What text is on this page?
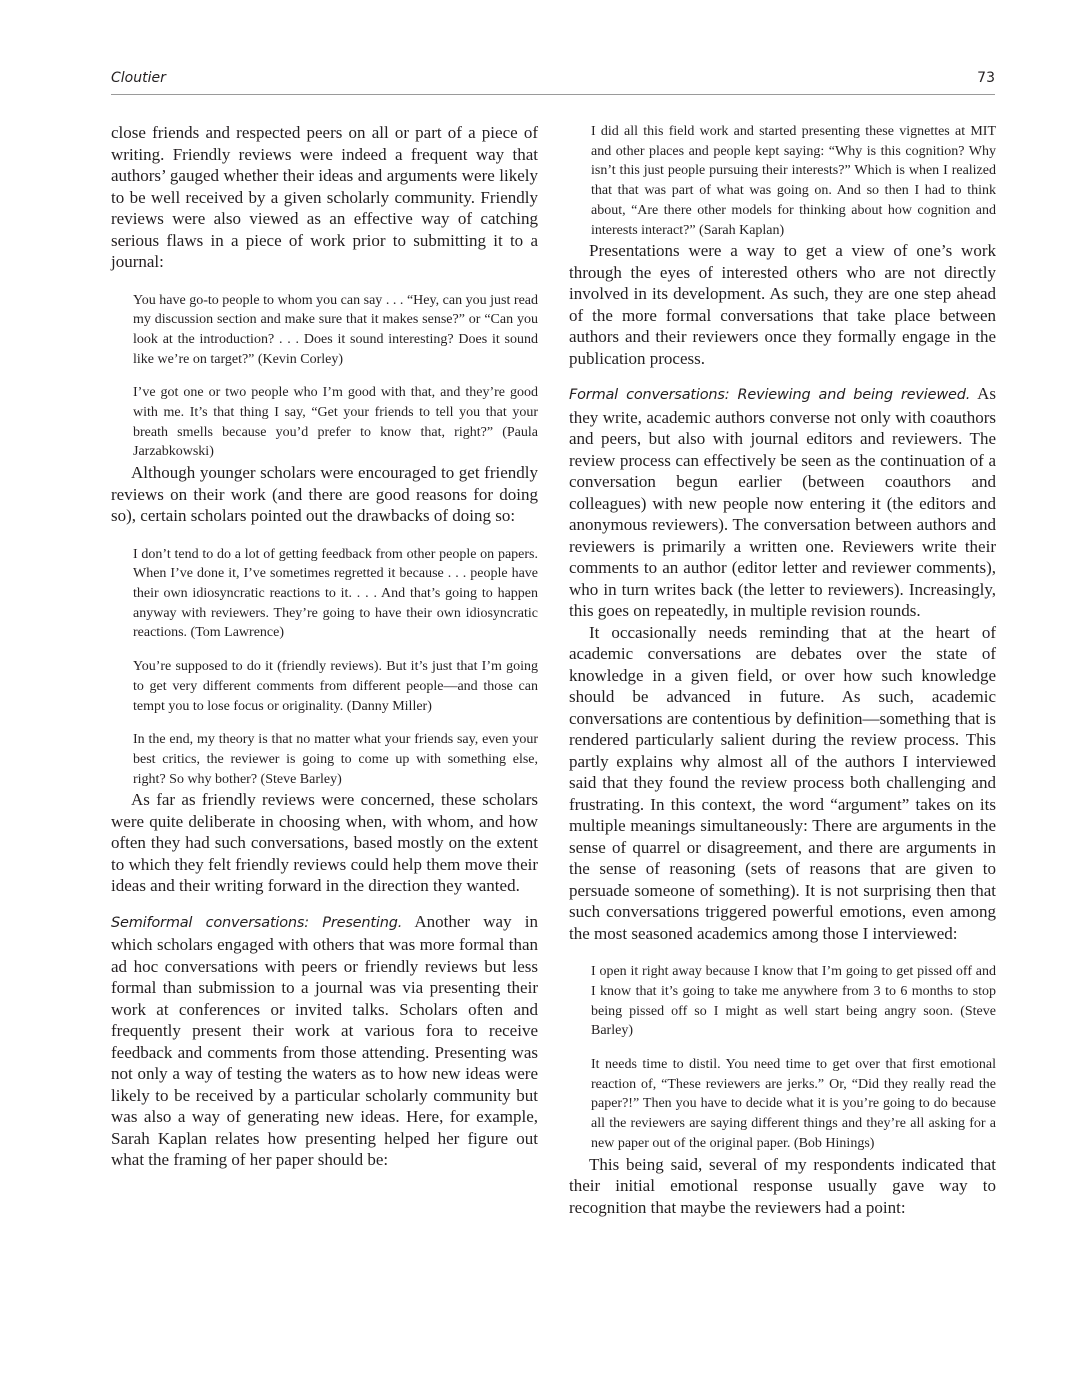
Cloutier	73

close friends and respected peers on all or part of a piece of writing. Friendly reviews were indeed a frequent way that authors’ gauged whether their ideas and arguments were likely to be well received by a given scholarly community. Friendly reviews were also viewed as an effective way of catching serious flaws in a piece of work prior to submitting it to a journal:

You have go-to people to whom you can say . . . “Hey, can you just read my discussion section and make sure that it makes sense?” or “Can you look at the introduction? . . . Does it sound interesting? Does it sound like we’re on target?” (Kevin Corley)

I’ve got one or two people who I’m good with that, and they’re good with me. It’s that thing I say, “Get your friends to tell you that your breath smells because you’d prefer to know that, right?” (Paula Jarzabkowski)

Although younger scholars were encouraged to get friendly reviews on their work (and there are good reasons for doing so), certain scholars pointed out the drawbacks of doing so:

I don’t tend to do a lot of getting feedback from other people on papers. When I’ve done it, I’ve sometimes regretted it because . . . people have their own idiosyncratic reactions to it. . . . And that’s going to happen anyway with reviewers. They’re going to have their own idiosyncratic reactions. (Tom Lawrence)

You’re supposed to do it (friendly reviews). But it’s just that I’m going to get very different comments from different people—and those can tempt you to lose focus or originality. (Danny Miller)

In the end, my theory is that no matter what your friends say, even your best critics, the reviewer is going to come up with something else, right? So why bother? (Steve Barley)

As far as friendly reviews were concerned, these scholars were quite deliberate in choosing when, with whom, and how often they had such conversations, based mostly on the extent to which they felt friendly reviews could help them move their ideas and their writing forward in the direction they wanted.

Semiformal conversations: Presenting. Another way in which scholars engaged with others that was more formal than ad hoc conversations with peers or friendly reviews but less formal than submission to a journal was via presenting their work at conferences or invited talks. Scholars often and frequently present their work at various fora to receive feedback and comments from those attending. Presenting was not only a way of testing the waters as to how new ideas were likely to be received by a particular scholarly community but was also a way of generating new ideas. Here, for example, Sarah Kaplan relates how presenting helped her figure out what the framing of her paper should be:

I did all this field work and started presenting these vignettes at MIT and other places and people kept saying: “Why is this cognition? Why isn’t this just people pursuing their interests?” Which is when I realized that that was part of what was going on. And so then I had to think about, “Are there other models for thinking about how cognition and interests interact?” (Sarah Kaplan)

Presentations were a way to get a view of one’s work through the eyes of interested others who are not directly involved in its development. As such, they are one step ahead of the more formal conversations that take place between authors and their reviewers once they formally engage in the publication process.

Formal conversations: Reviewing and being reviewed. As they write, academic authors converse not only with coauthors and peers, but also with journal editors and reviewers. The review process can effectively be seen as the continuation of a conversation begun earlier (between coauthors and colleagues) with new people now entering it (the editors and anonymous reviewers). The conversation between authors and reviewers is primarily a written one. Reviewers write their comments to an author (editor letter and reviewer comments), who in turn writes back (the letter to reviewers). Increasingly, this goes on repeatedly, in multiple revision rounds.

It occasionally needs reminding that at the heart of academic conversations are debates over the state of knowledge in a given field, or over how such knowledge should be advanced in future. As such, academic conversations are contentious by definition—something that is rendered particularly salient during the review process. This partly explains why almost all of the authors I interviewed said that they found the review process both challenging and frustrating. In this context, the word “argument” takes on its multiple meanings simultaneously: There are arguments in the sense of quarrel or disagreement, and there are arguments in the sense of reasoning (sets of reasons that are given to persuade someone of something). It is not surprising then that such conversations triggered powerful emotions, even among the most seasoned academics among those I interviewed:

I open it right away because I know that I’m going to get pissed off and I know that it’s going to take me anywhere from 3 to 6 months to stop being pissed off so I might as well start being angry soon. (Steve Barley)

It needs time to distil. You need time to get over that first emotional reaction of, “These reviewers are jerks.” Or, “Did they really read the paper?!” Then you have to decide what it is you’re going to do because all the reviewers are saying different things and they’re all asking for a new paper out of the original paper. (Bob Hinings)

This being said, several of my respondents indicated that their initial emotional response usually gave way to recognition that maybe the reviewers had a point:
